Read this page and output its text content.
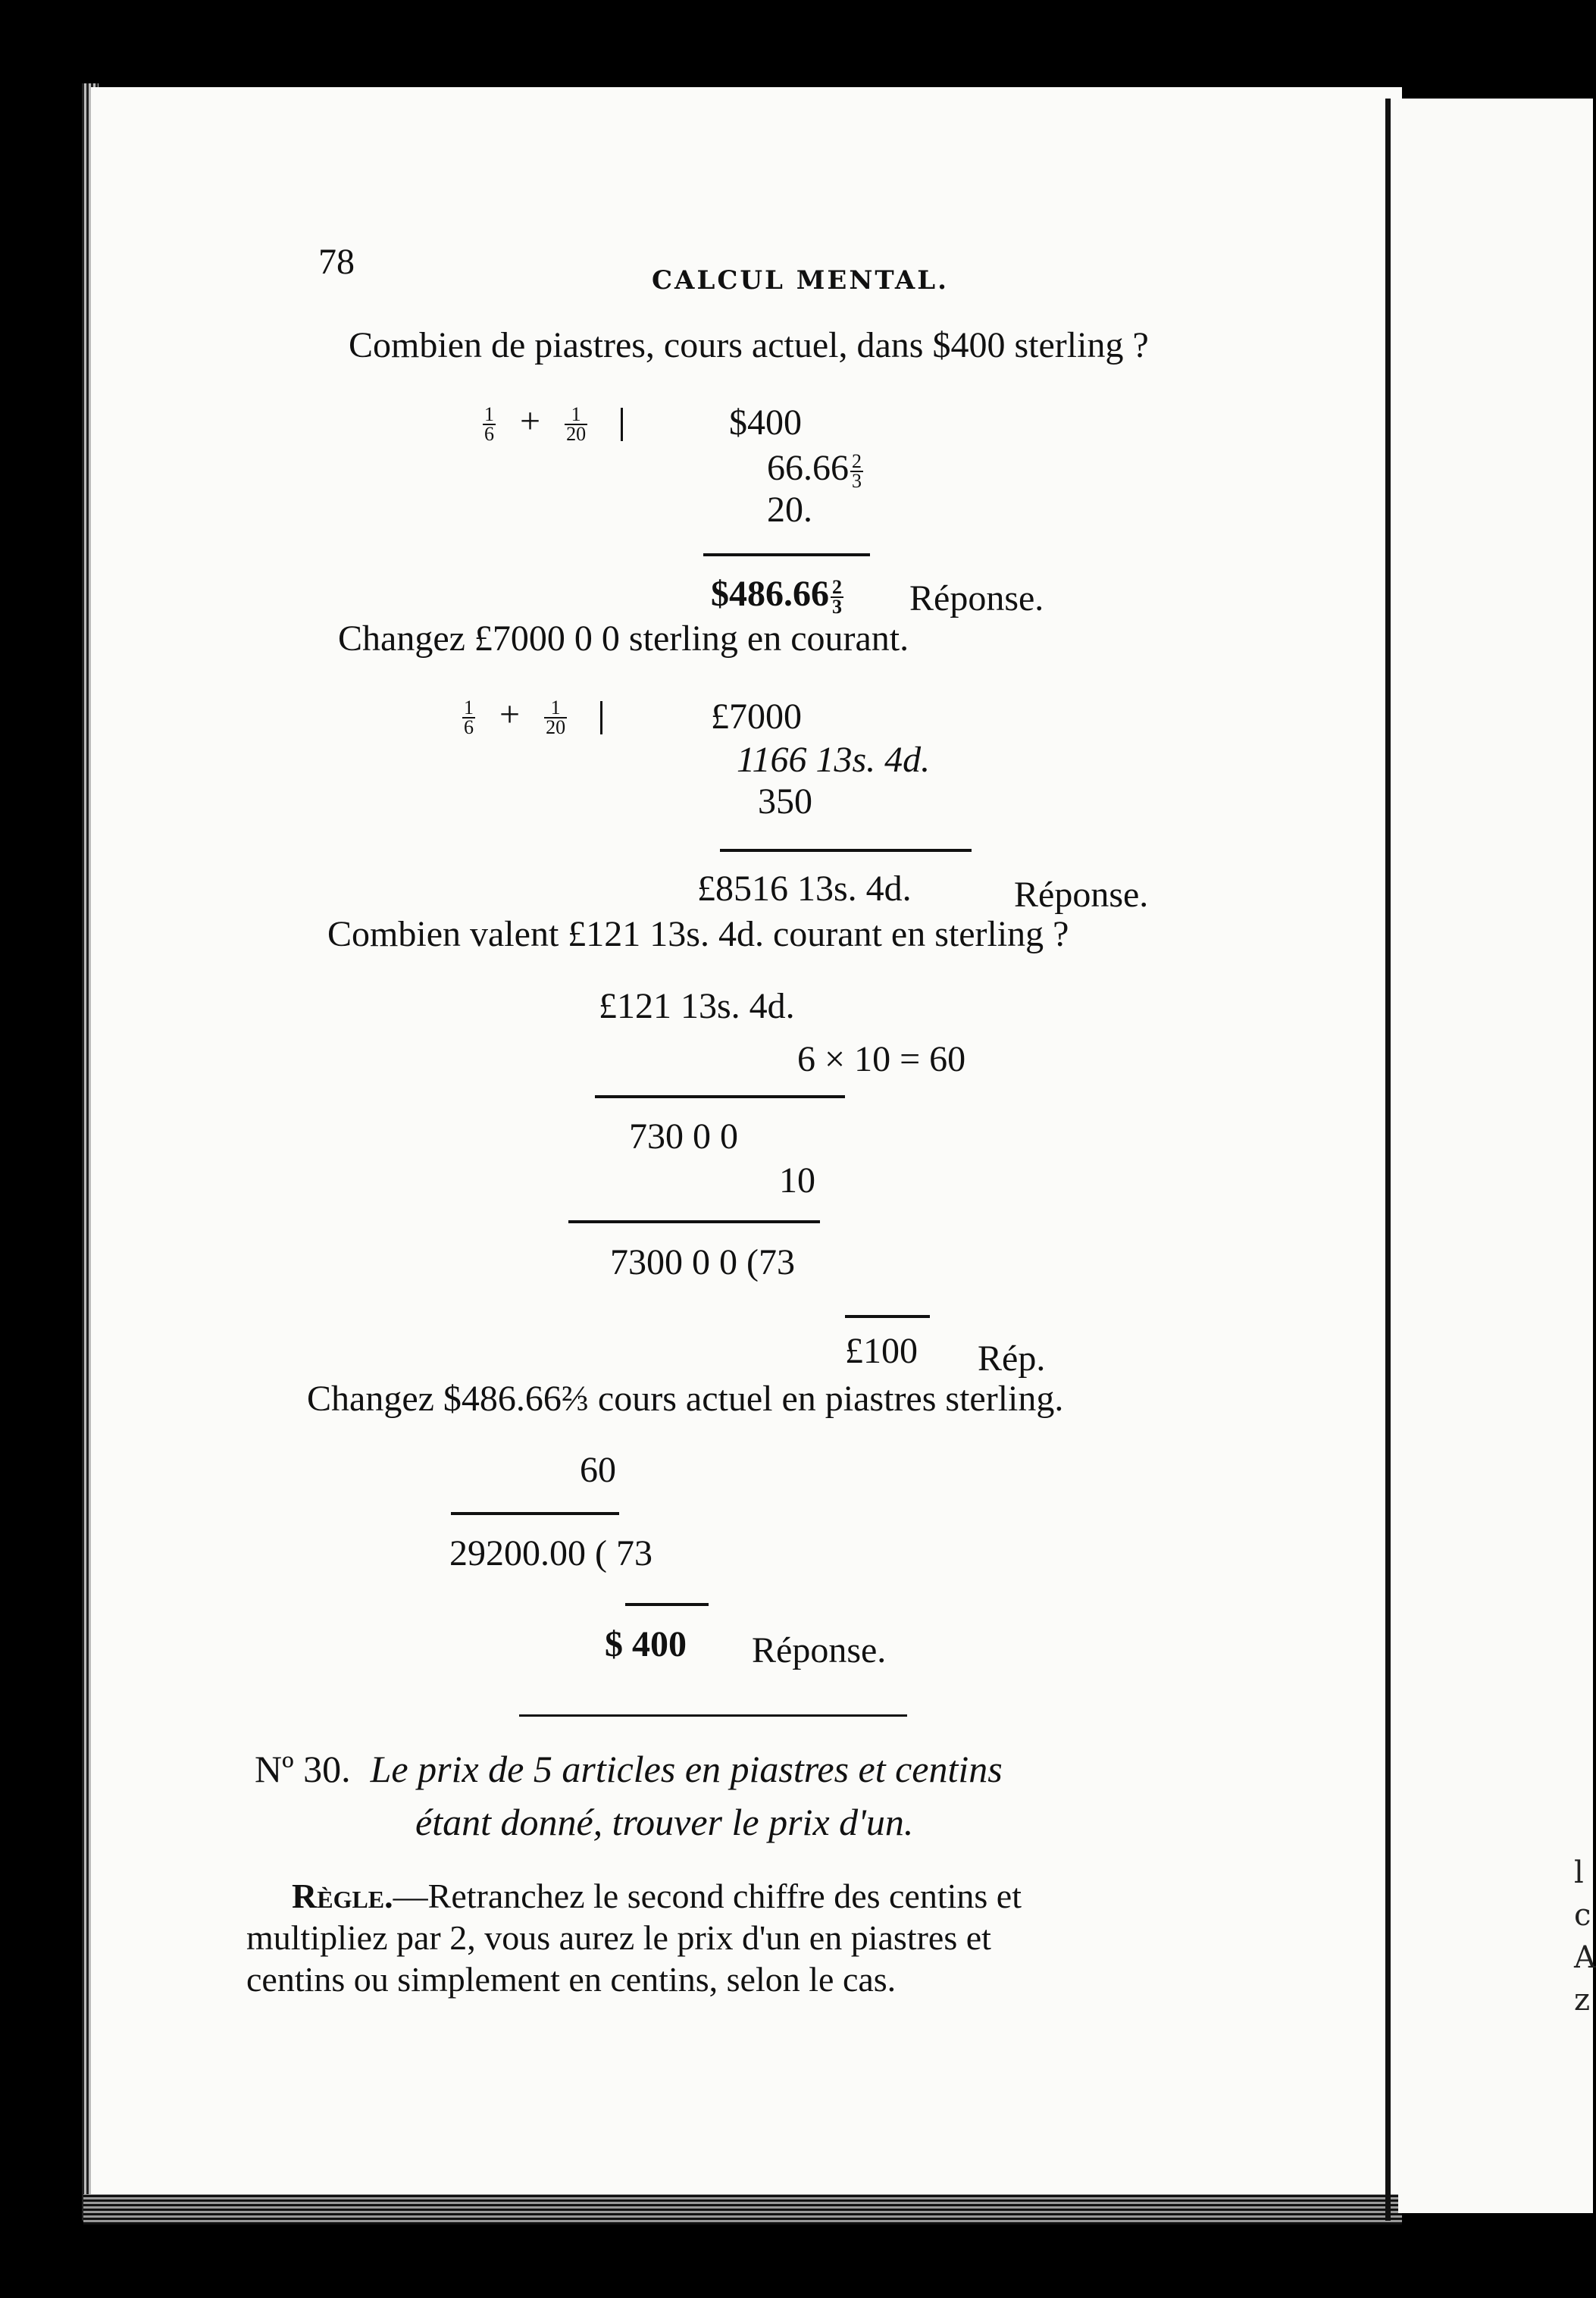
l
c
A
z
78	CALCUL MENTAL.
Combien de piastres, cours actuel, dans $400 sterling ?
$\frac{1}{6} + \frac{1}{20}$
	$400
$66.66 \frac{2}{3}$
20.
$486.66 $\frac{2}{3}$ Réponse.
Changez £7000 0 0 sterling en courant.
$\frac{1}{6} + \frac{1}{20}$
	£7000
1166 13s. 4d.
350
£8516 13s. 4d.	Réponse.
Combien valent £121 13s. 4d. courant en sterling ?
£121 13s. 4d.
6 × 10 = 60
730 0 0
10
7300 0 0 (73
£100 Rép.
Changez $486.66⅔ cours actuel en piastres sterling.
60
29200.00 ( 73
$ 400 Réponse.
Nº 30. Le prix de 5 articles en piastres et centins
étant donné, trouver le prix d'un.
Règle.—Retranchez le second chiffre des centins et
multipliez par 2, vous aurez le prix d'un en piastres et
centins ou simplement en centins, selon le cas.
